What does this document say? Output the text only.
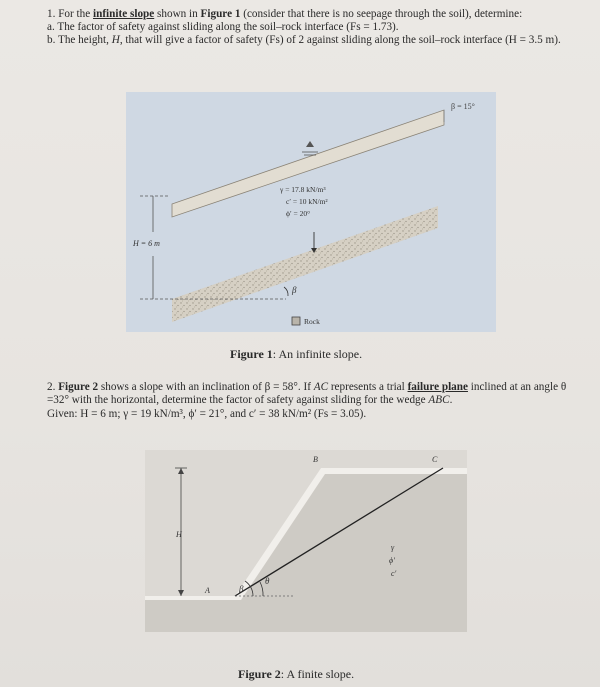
1. For the infinite slope shown in Figure 1 (consider that there is no seepage through the soil), determine:

a. The factor of safety against sliding along the soil–rock interface (Fs = 1.73).

b. The height, H, that will give a factor of safety (Fs) of 2 against sliding along the soil–rock interface (H = 3.5 m).

β = 15°
H = 6 m
γ = 17.8 kN/m³
c′ = 10 kN/m²
ϕ′ = 20°
β
Rock
Figure 1: An infinite slope.

2. Figure 2 shows a slope with an inclination of β = 58°. If AC represents a trial failure plane inclined at an angle θ =32° with the horizontal, determine the factor of safety against sliding for the wedge ABC.

Given: H = 6 m; γ = 19 kN/m³, ϕ′ = 21°, and c′ = 38 kN/m² (Fs = 3.05).

H
B	C
A	β
θ
γ
ϕ′
c′
Figure 2: A finite slope.
